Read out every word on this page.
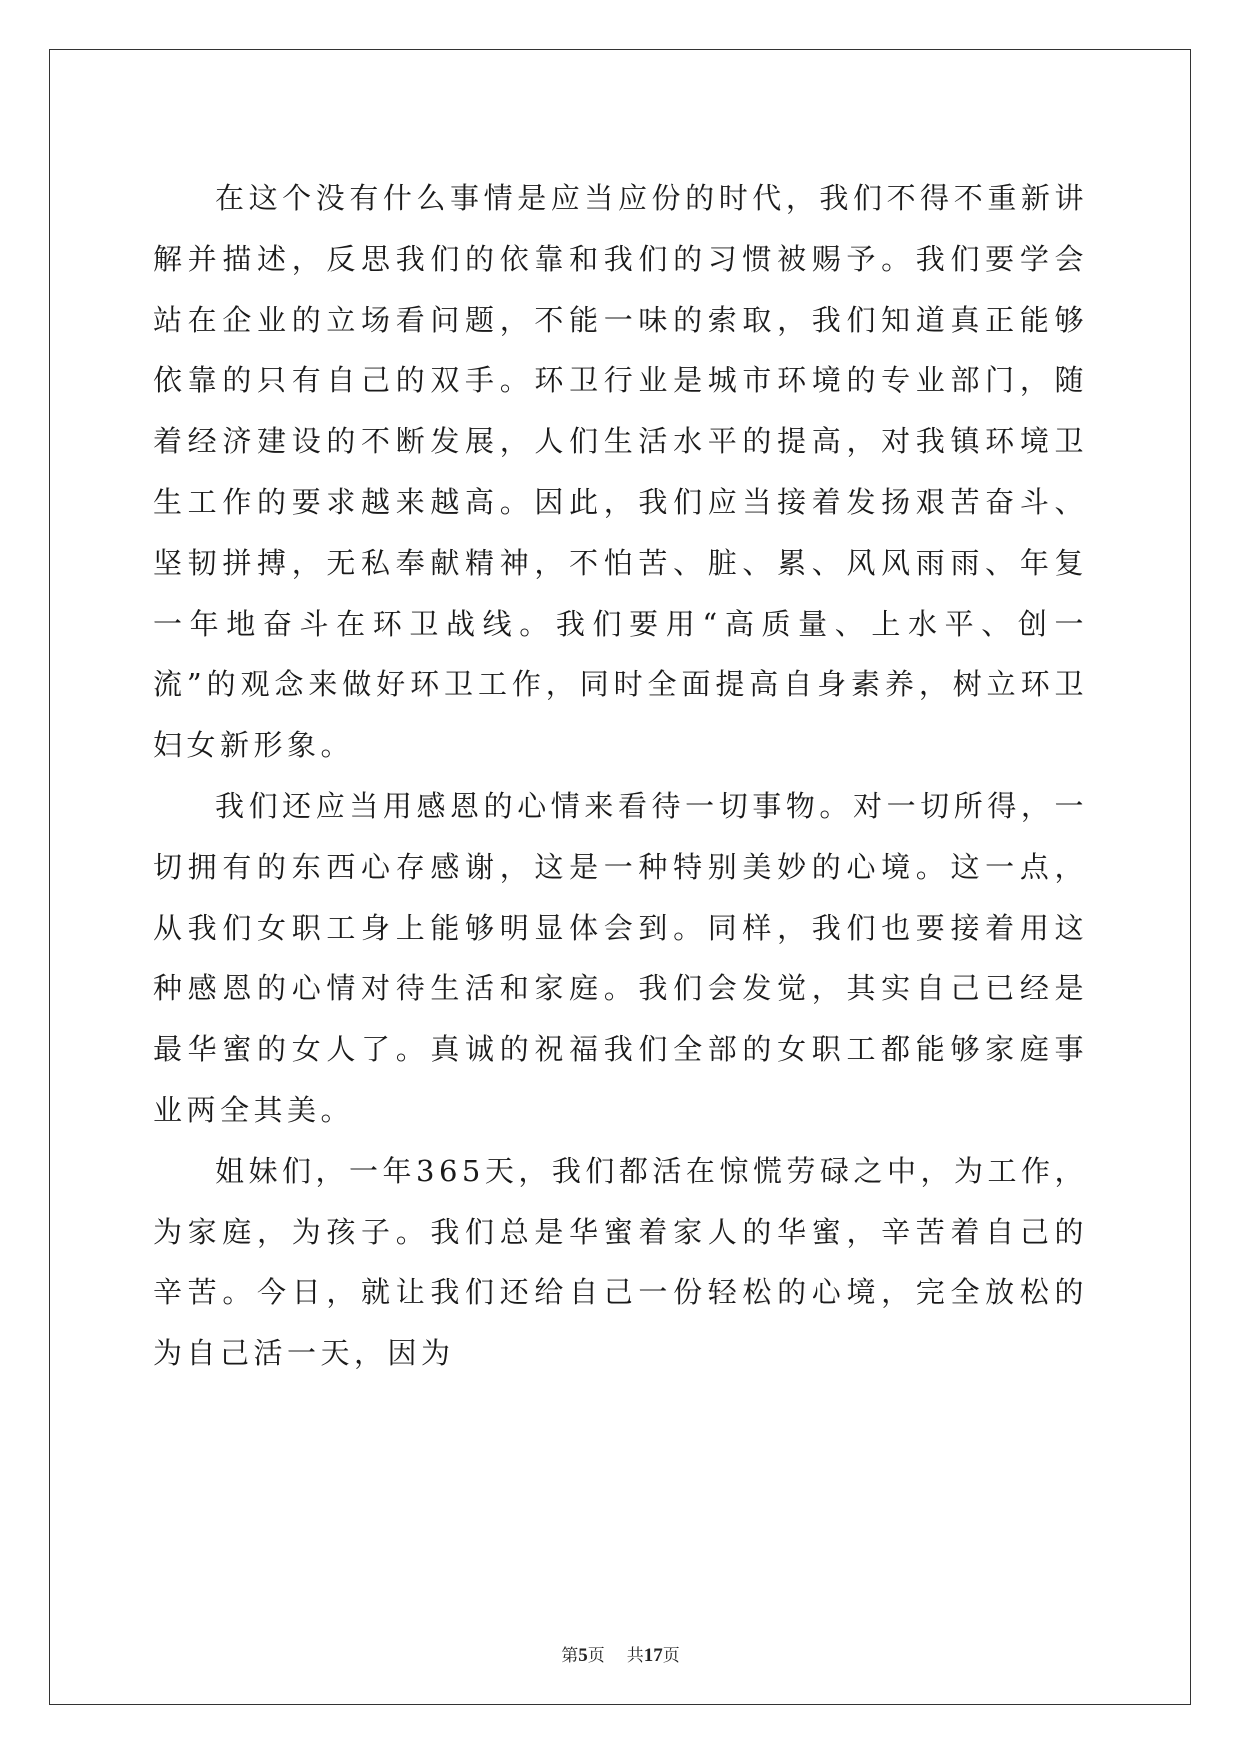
在这个没有什么事情是应当应份的时代，我们不得不重新讲解并描述，反思我们的依靠和我们的习惯被赐予。我们要学会站在企业的立场看问题，不能一味的索取，我们知道真正能够依靠的只有自己的双手。环卫行业是城市环境的专业部门，随着经济建设的不断发展，人们生活水平的提高，对我镇环境卫生工作的要求越来越高。因此，我们应当接着发扬艰苦奋斗、坚韧拼搏，无私奉献精神，不怕苦、脏、累、风风雨雨、年复一年地奋斗在环卫战线。我们要用“高质量、上水平、创一流”的观念来做好环卫工作，同时全面提高自身素养，树立环卫妇女新形象。

我们还应当用感恩的心情来看待一切事物。对一切所得，一切拥有的东西心存感谢，这是一种特别美妙的心境。这一点，从我们女职工身上能够明显体会到。同样，我们也要接着用这种感恩的心情对待生活和家庭。我们会发觉，其实自己已经是最华蜜的女人了。真诚的祝福我们全部的女职工都能够家庭事业两全其美。

姐妹们，一年365天，我们都活在惊慌劳碌之中，为工作，为家庭，为孩子。我们总是华蜜着家人的华蜜，辛苦着自己的辛苦。今日，就让我们还给自己一份轻松的心境，完全放松的为自己活一天，因为

第5页 共17页
